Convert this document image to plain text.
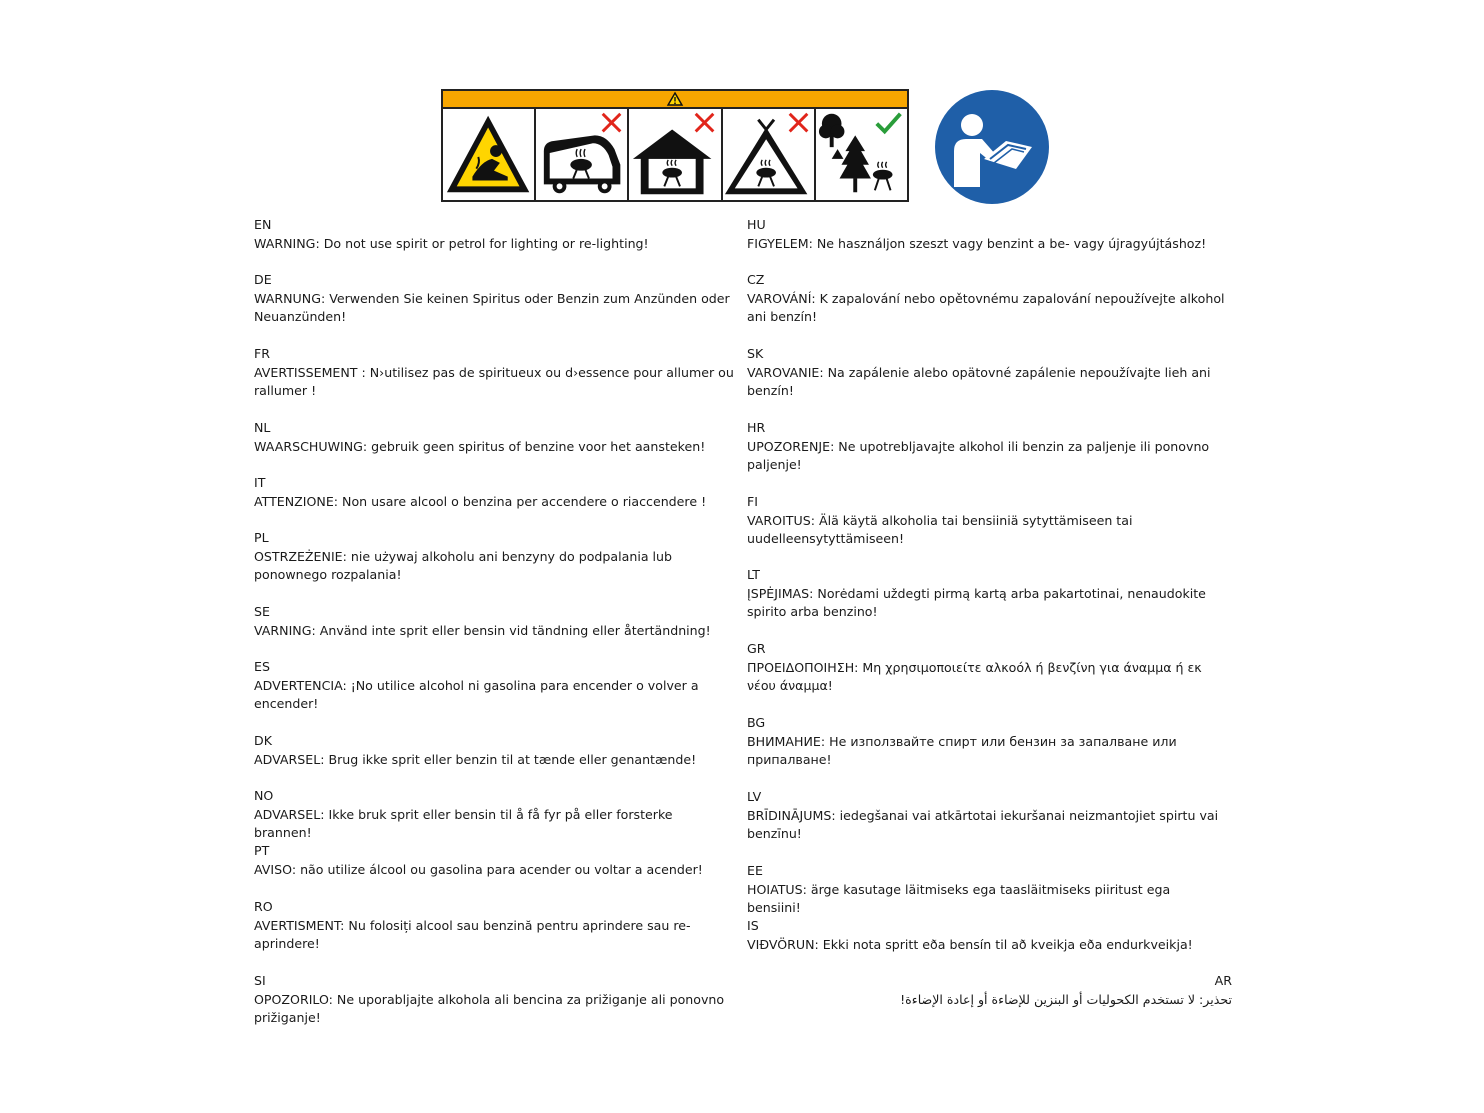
EN
WARNING: Do not use spirit or petrol for lighting or re-lighting!
DE
WARNUNG: Verwenden Sie keinen Spiritus oder Benzin zum Anzünden oder Neuanzünden!
FR
AVERTISSEMENT : N›utilisez pas de spiritueux ou d›essence pour allumer ou rallumer !
NL
WAARSCHUWING: gebruik geen spiritus of benzine voor het aansteken!
IT
ATTENZIONE: Non usare alcool o benzina per accendere o riaccendere !
PL
OSTRZEŻENIE: nie używaj alkoholu ani benzyny do podpalania lub ponownego rozpalania!
SE
VARNING: Använd inte sprit eller bensin vid tändning eller återtändning!
ES
ADVERTENCIA: ¡No utilice alcohol ni gasolina para encender o volver a encender!
DK
ADVARSEL: Brug ikke sprit eller benzin til at tænde eller genantænde!
NO
ADVARSEL: Ikke bruk sprit eller bensin til å få fyr på eller forsterke brannen!
PT
AVISO: não utilize álcool ou gasolina para acender ou voltar a acender!
RO
AVERTISMENT: Nu folosiți alcool sau benzină pentru aprindere sau re-aprindere!
SI
OPOZORILO: Ne uporabljajte alkohola ali bencina za prižiganje ali ponovno prižiganje!
HU
FIGYELEM: Ne használjon szeszt vagy benzint a be- vagy újragyújtáshoz!
CZ
VAROVÁNÍ: K zapalování nebo opětovnému zapalování nepoužívejte alkohol ani benzín!
SK
VAROVANIE: Na zapálenie alebo opätovné zapálenie nepoužívajte lieh ani benzín!
HR
UPOZORENJE: Ne upotrebljavajte alkohol ili benzin za paljenje ili ponovno paljenje!
FI
VAROITUS: Älä käytä alkoholia tai bensiiniä sytyttämiseen tai uudelleensytyttämiseen!
LT
ĮSPĖJIMAS: Norėdami uždegti pirmą kartą arba pakartotinai, nenaudokite spirito arba benzino!
GR
ΠΡΟΕΙΔΟΠΟΙΗΣΗ: Μη χρησιμοποιείτε αλκοόλ ή βενζίνη για άναμμα ή εκ νέου άναμμα!
BG
ВНИМАНИЕ: Не използвайте спирт или бензин за запалване или припалване!
LV
BRĪDINĀJUMS: iedegšanai vai atkārtotai iekuršanai neizmantojiet spirtu vai benzīnu!
EE
HOIATUS: ärge kasutage läitmiseks ega taasläitmiseks piiritust ega bensiini!
IS
VIÐVÖRUN: Ekki nota spritt eða bensín til að kveikja eða endurkveikja!
AR
تحذير: لا تستخدم الكحوليات أو البنزين للإضاءة أو إعادة الإضاءة!
